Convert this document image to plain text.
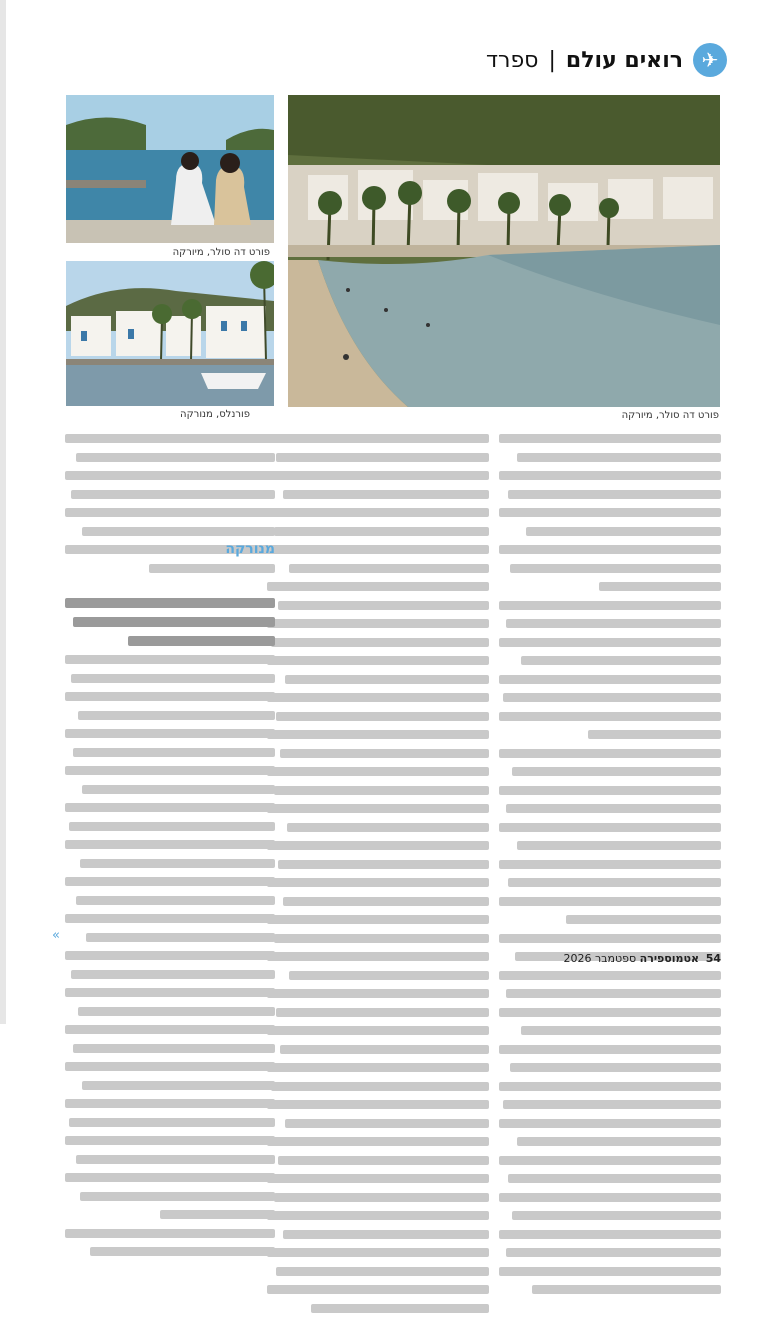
✈
רואים עולם
|
ספרד
פורט דה סולר, מיורקה
פורט דה סולר, מיורקה
פורנלס, מנורקה
מנורקה
»
54
אטמוספירה ספטמבר 2026
